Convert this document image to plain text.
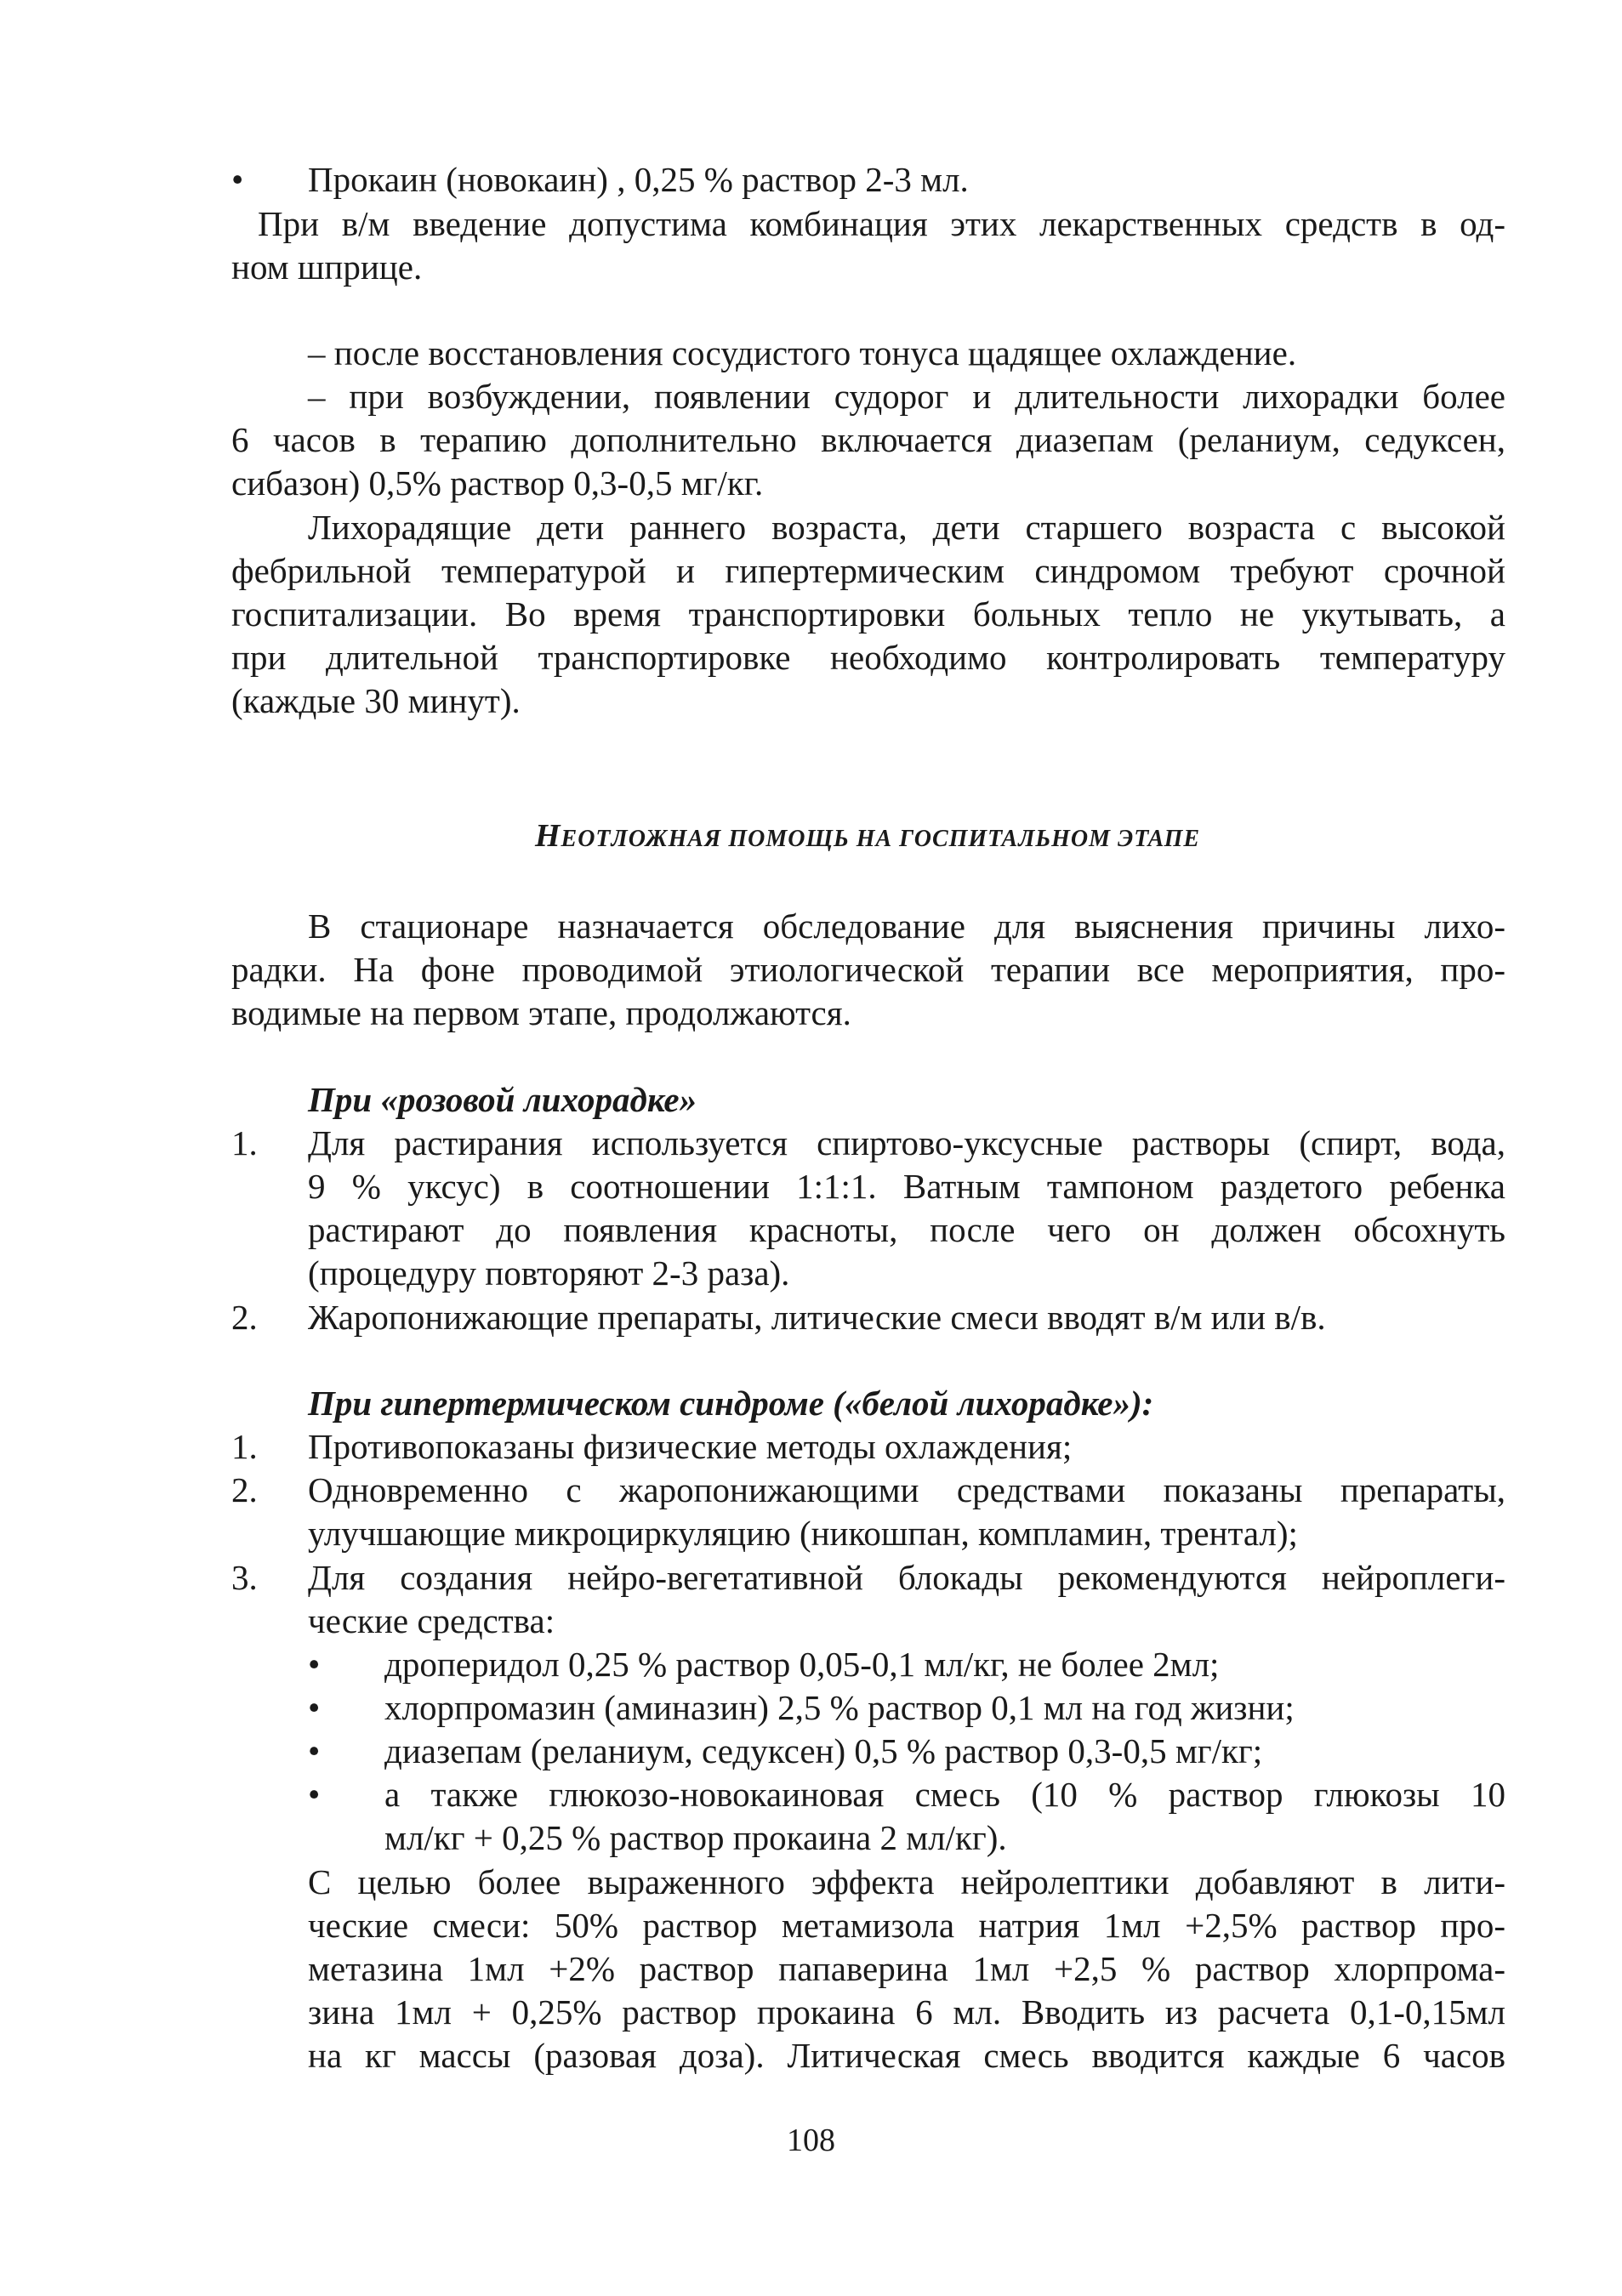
• Прокаин (новокаин) , 0,25 % раствор 2-3 мл.
При в/м введение допустима комбинация этих лекарственных средств в од-
ном шприце.
– после восстановления сосудистого тонуса щадящее охлаждение.
– при возбуждении, появлении судорог и длительности лихорадки более
6 часов в терапию дополнительно включается диазепам (реланиум, седуксен,
сибазон) 0,5% раствор 0,3-0,5 мг/кг.
Лихорадящие дети раннего возраста, дети старшего возраста с высокой
фебрильной температурой и гипертермическим синдромом требуют срочной
госпитализации. Во время транспортировки больных тепло не укутывать, а
при длительной транспортировке необходимо контролировать температуру
(каждые 30 минут).
НЕОТЛОЖНАЯ ПОМОЩЬ НА ГОСПИТАЛЬНОМ ЭТАПЕ
В стационаре назначается обследование для выяснения причины лихо-
радки. На фоне проводимой этиологической терапии все мероприятия, про-
водимые на первом этапе, продолжаются.
При «розовой лихорадке»
1. Для растирания используется спиртово-уксусные растворы (спирт, вода,
9 % уксус) в соотношении 1:1:1. Ватным тампоном раздетого ребенка
растирают до появления красноты, после чего он должен обсохнуть
(процедуру повторяют 2-3 раза).
2. Жаропонижающие препараты, литические смеси вводят в/м или в/в.
При гипертермическом синдроме («белой лихорадке»):
1. Противопоказаны физические методы охлаждения;
2. Одновременно с жаропонижающими средствами показаны препараты,
улучшающие микроциркуляцию (никошпан, компламин, трентал);
3. Для создания нейро-вегетативной блокады рекомендуются нейроплеги-
ческие средства:
• дроперидол 0,25 % раствор 0,05-0,1 мл/кг, не более 2мл;
• хлорпромазин (аминазин) 2,5 % раствор 0,1 мл на год жизни;
• диазепам (реланиум, седуксен) 0,5 % раствор 0,3-0,5 мг/кг;
• а также глюкозо-новокаиновая смесь (10 % раствор глюкозы 10
мл/кг + 0,25 % раствор прокаина 2 мл/кг).
С целью более выраженного эффекта нейролептики добавляют в лити-
ческие смеси: 50% раствор метамизола натрия 1мл +2,5% раствор про-
метазина 1мл +2% раствор папаверина 1мл +2,5 % раствор хлорпрома-
зина 1мл + 0,25% раствор прокаина 6 мл. Вводить из расчета 0,1-0,15мл
на кг массы (разовая доза). Литическая смесь вводится каждые 6 часов
108
